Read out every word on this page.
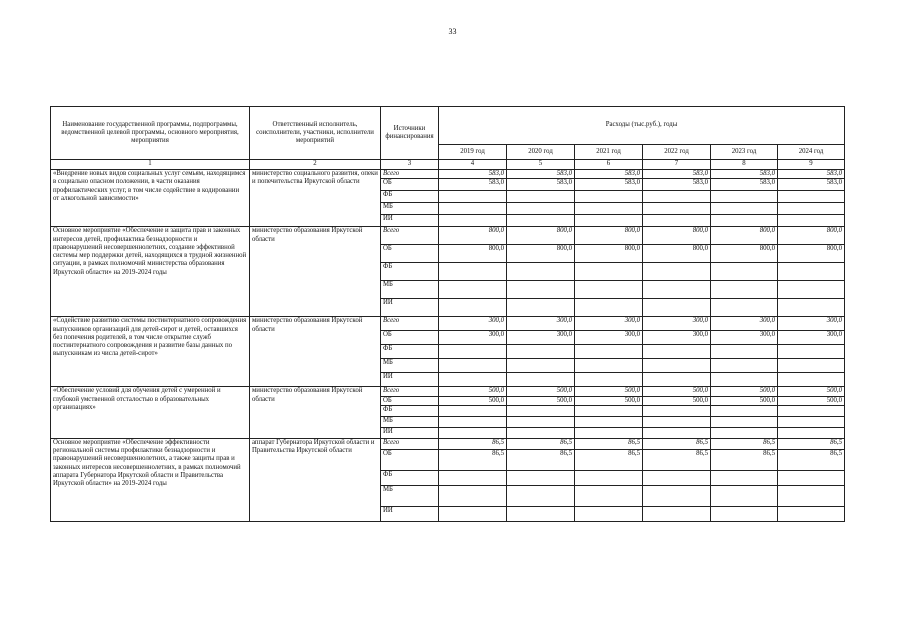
33
Наименование государственной программы, подпрограммы, ведомственной целевой программы, основного мероприятия, мероприятия	Ответственный исполнитель, соисполнители, участники, исполнители мероприятий	Источники финансирования	Расходы (тыс.руб.), годы					
			2019 год	2020 год	2021 год	2022 год	2023 год	2024 год
1	2	3	4	5	6	7	8	9
«Внедрение новых видов социальных услуг семьям, находящимся в социально опасном положении, в части оказания профилактических услуг, в том числе содействие в кодировании от алкогольной зависимости»	министерство социального развития, опеки и попечительства Иркутской области	Всего	583,0	583,0	583,0	583,0	583,0	583,0
		ОБ	583,0	583,0	583,0	583,0	583,0	583,0
		ФБ						
		МБ						
		ИИ						
Основное мероприятие «Обеспечение и защита прав и законных интересов детей, профилактика безнадзорности и правонарушений несовершеннолетних, создание эффективной системы мер поддержки детей, находящихся в трудной жизненной ситуации, в рамках полномочий министерства образования Иркутской области» на 2019-2024 годы	министерство образования Иркутской области	Всего	800,0	800,0	800,0	800,0	800,0	800,0
		ОБ	800,0	800,0	800,0	800,0	800,0	800,0
		ФБ						
		МБ						
		ИИ						
«Содействие развитию системы постинтернатного сопровождения выпускников организаций для детей-сирот и детей, оставшихся без попечения родителей, в том числе открытие служб постинтернатного сопровождения и развитие базы данных по выпускникам из числа детей-сирот»	министерство образования Иркутской области	Всего	300,0	300,0	300,0	300,0	300,0	300,0
		ОБ	300,0	300,0	300,0	300,0	300,0	300,0
		ФБ						
		МБ						
		ИИ						
«Обеспечение условий для обучения детей с умеренной и глубокой умственной отсталостью в образовательных организациях»	министерство образования Иркутской области	Всего	500,0	500,0	500,0	500,0	500,0	500,0
		ОБ	500,0	500,0	500,0	500,0	500,0	500,0
		ФБ						
		МБ						
		ИИ						
Основное мероприятие «Обеспечение эффективности региональной системы профилактики безнадзорности и правонарушений несовершеннолетних, а также защиты прав и законных интересов несовершеннолетних, в рамках полномочий аппарата Губернатора Иркутской области и Правительства Иркутской области» на 2019-2024 годы	аппарат Губернатора Иркутской области и Правительства Иркутской области	Всего	86,5	86,5	86,5	86,5	86,5	86,5
		ОБ	86,5	86,5	86,5	86,5	86,5	86,5
		ФБ						
		МБ						
		ИИ						
